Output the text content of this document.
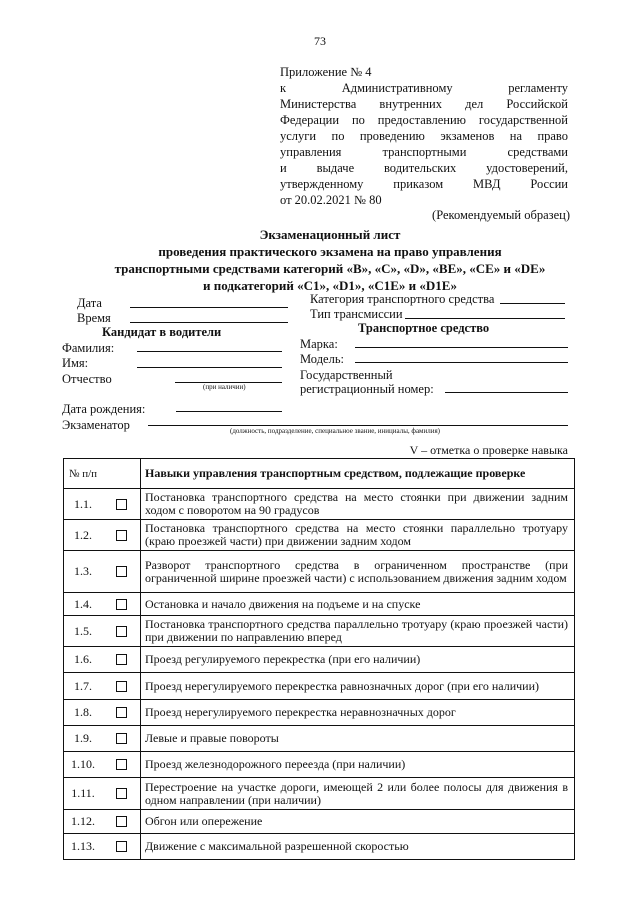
73
Приложение № 4
к Административному регламенту
Министерства внутренних дел Российской
Федерации по предоставлению государственной
услуги по проведению экзаменов на право
управления транспортными средствами
и выдаче водительских удостоверений,
утвержденному приказом МВД России
от 20.02.2021 № 80
(Рекомендуемый образец)
Экзаменационный лист
проведения практического экзамена на право управления
транспортными средствами категорий «B», «C», «D», «BE», «CE» и «DE»
и подкатегорий «C1», «D1», «C1E» и «D1E»
Дата
Время
Категория транспортного средства
Тип трансмиссии
Кандидат в водители
Фамилия:
Имя:
Отчество
(при наличии)
Дата рождения:
Транспортное средство
Марка:
Модель:
Государственный
регистрационный номер:
Экзаменатор	(должность, подразделение, специальное звание, инициалы, фамилия)
V – отметка о проверке навыка
№ п/п		Навыки управления транспортным средством, подлежащие проверке
1.1.		Постановка транспортного средства на место стоянки при движении задним ходом с поворотом на 90 градусов
1.2.		Постановка транспортного средства на место стоянки параллельно тротуару (краю проезжей части) при движении задним ходом
1.3.		Разворот транспортного средства в ограниченном пространстве (при ограниченной ширине проезжей части) с использованием движения задним ходом
1.4.		Остановка и начало движения на подъеме и на спуске
1.5.		Постановка транспортного средства параллельно тротуару (краю проезжей части) при движении по направлению вперед
1.6.		Проезд регулируемого перекрестка (при его наличии)
1.7.		Проезд нерегулируемого перекрестка равнозначных дорог (при его наличии)
1.8.		Проезд нерегулируемого перекрестка неравнозначных дорог
1.9.		Левые и правые повороты
1.10.		Проезд железнодорожного переезда (при наличии)
1.11.		Перестроение на участке дороги, имеющей 2 или более полосы для движения в одном направлении (при наличии)
1.12.		Обгон или опережение
1.13.		Движение с максимальной разрешенной скоростью
